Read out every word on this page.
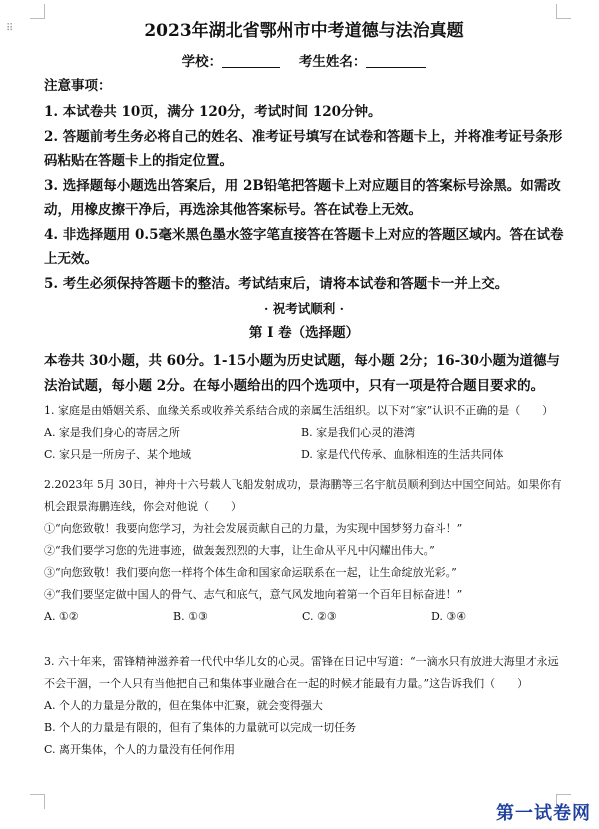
⠿	2023年湖北省鄂州市中考道德与法治真题
学校：	考生姓名：
注意事项：

1. 本试卷共 10页，满分 120分，考试时间 120分钟。

2. 答题前考生务必将自己的姓名、准考证号填写在试卷和答题卡上，并将准考证号条形码粘贴在答题卡上的指定位置。

3. 选择题每小题选出答案后，用 2B铅笔把答题卡上对应题目的答案标号涂黑。如需改动，用橡皮擦干净后，再选涂其他答案标号。答在试卷上无效。

4. 非选择题用 0.5毫米黑色墨水签字笔直接答在答题卡上对应的答题区域内。答在试卷上无效。

5. 考生必须保持答题卡的整洁。考试结束后，请将本试卷和答题卡一并上交。

· 祝考试顺利 ·
第 I 卷（选择题）
本卷共 30小题，共 60分。1-15小题为历史试题，每小题 2分；16-30小题为道德与法治试题，每小题 2分。在每小题给出的四个选项中，只有一项是符合题目要求的。

1. 家庭是由婚姻关系、血缘关系或收养关系结合成的亲属生活组织。以下对“家”认识不正确的是（　　）

A. 家是我们身心的寄居之所	B. 家是我们心灵的港湾
C. 家只是一所房子、某个地域	D. 家是代代传承、血脉相连的生活共同体

2.2023年 5月 30日，神舟十六号载人飞船发射成功，景海鹏等三名宇航员顺利到达中国空间站。如果你有机会跟景海鹏连线，你会对他说（　　）

①“向您致敬！我要向您学习，为社会发展贡献自己的力量，为实现中国梦努力奋斗！”

②“我们要学习您的先进事迹，做轰轰烈烈的大事，让生命从平凡中闪耀出伟大。”

③“向您致敬！我们要向您一样将个体生命和国家命运联系在一起，让生命绽放光彩。”

④“我们要坚定做中国人的骨气、志气和底气，意气风发地向着第一个百年目标奋进！”

A. ①②	B. ①③	C. ②③	D. ③④

3. 六十年来，雷锋精神滋养着一代代中华儿女的心灵。雷锋在日记中写道：“一滴水只有放进大海里才永远不会干涸，一个人只有当他把自己和集体事业融合在一起的时候才能最有力量。”这告诉我们（　　）

A. 个人的力量是分散的，但在集体中汇聚，就会变得强大

B. 个人的力量是有限的，但有了集体的力量就可以完成一切任务

C. 离开集体，个人的力量没有任何作用

第一试卷网
